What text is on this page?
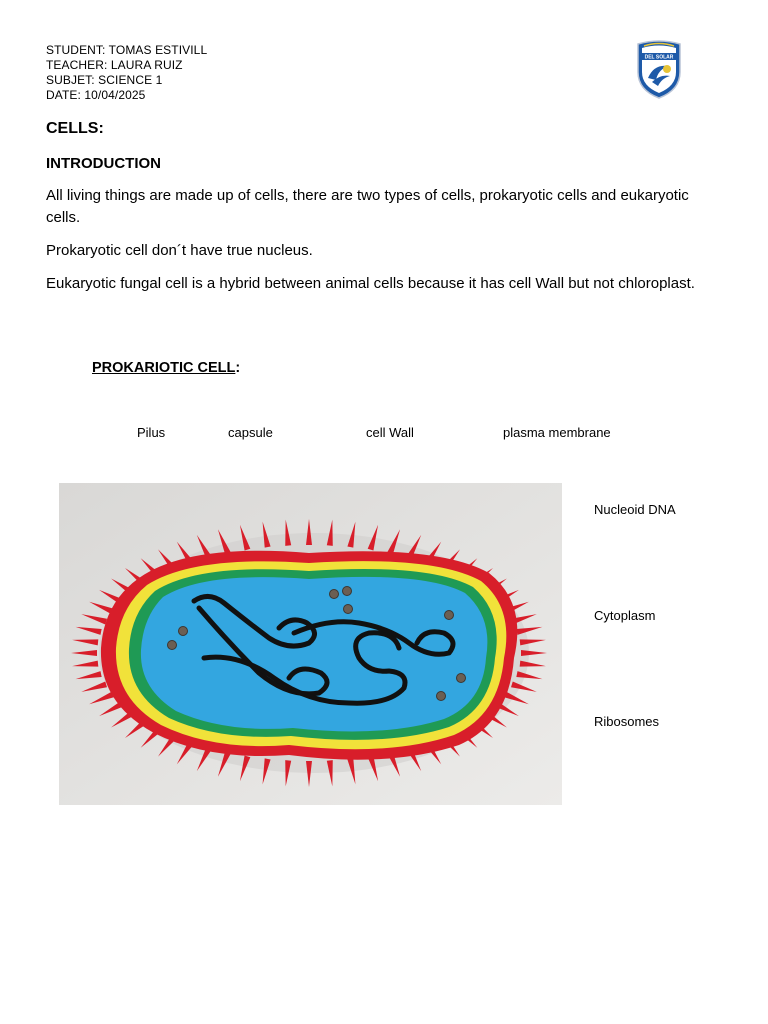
STUDENT: TOMAS ESTIVILL
TEACHER: LAURA RUIZ
SUBJET: SCIENCE 1
DATE: 10/04/2025
DEL SOLAR
CELLS:
INTRODUCTION
All living things are made up of cells, there are two types of cells, prokaryotic cells and eukaryotic cells.
Prokaryotic cell don´t have true nucleus.
Eukaryotic fungal cell is a hybrid between animal cells because it has cell Wall but not chloroplast.
PROKARIOTIC CELL:
Pilus	capsule	cell Wall	plasma membrane
Nucleoid DNA
Cytoplasm
Ribosomes
